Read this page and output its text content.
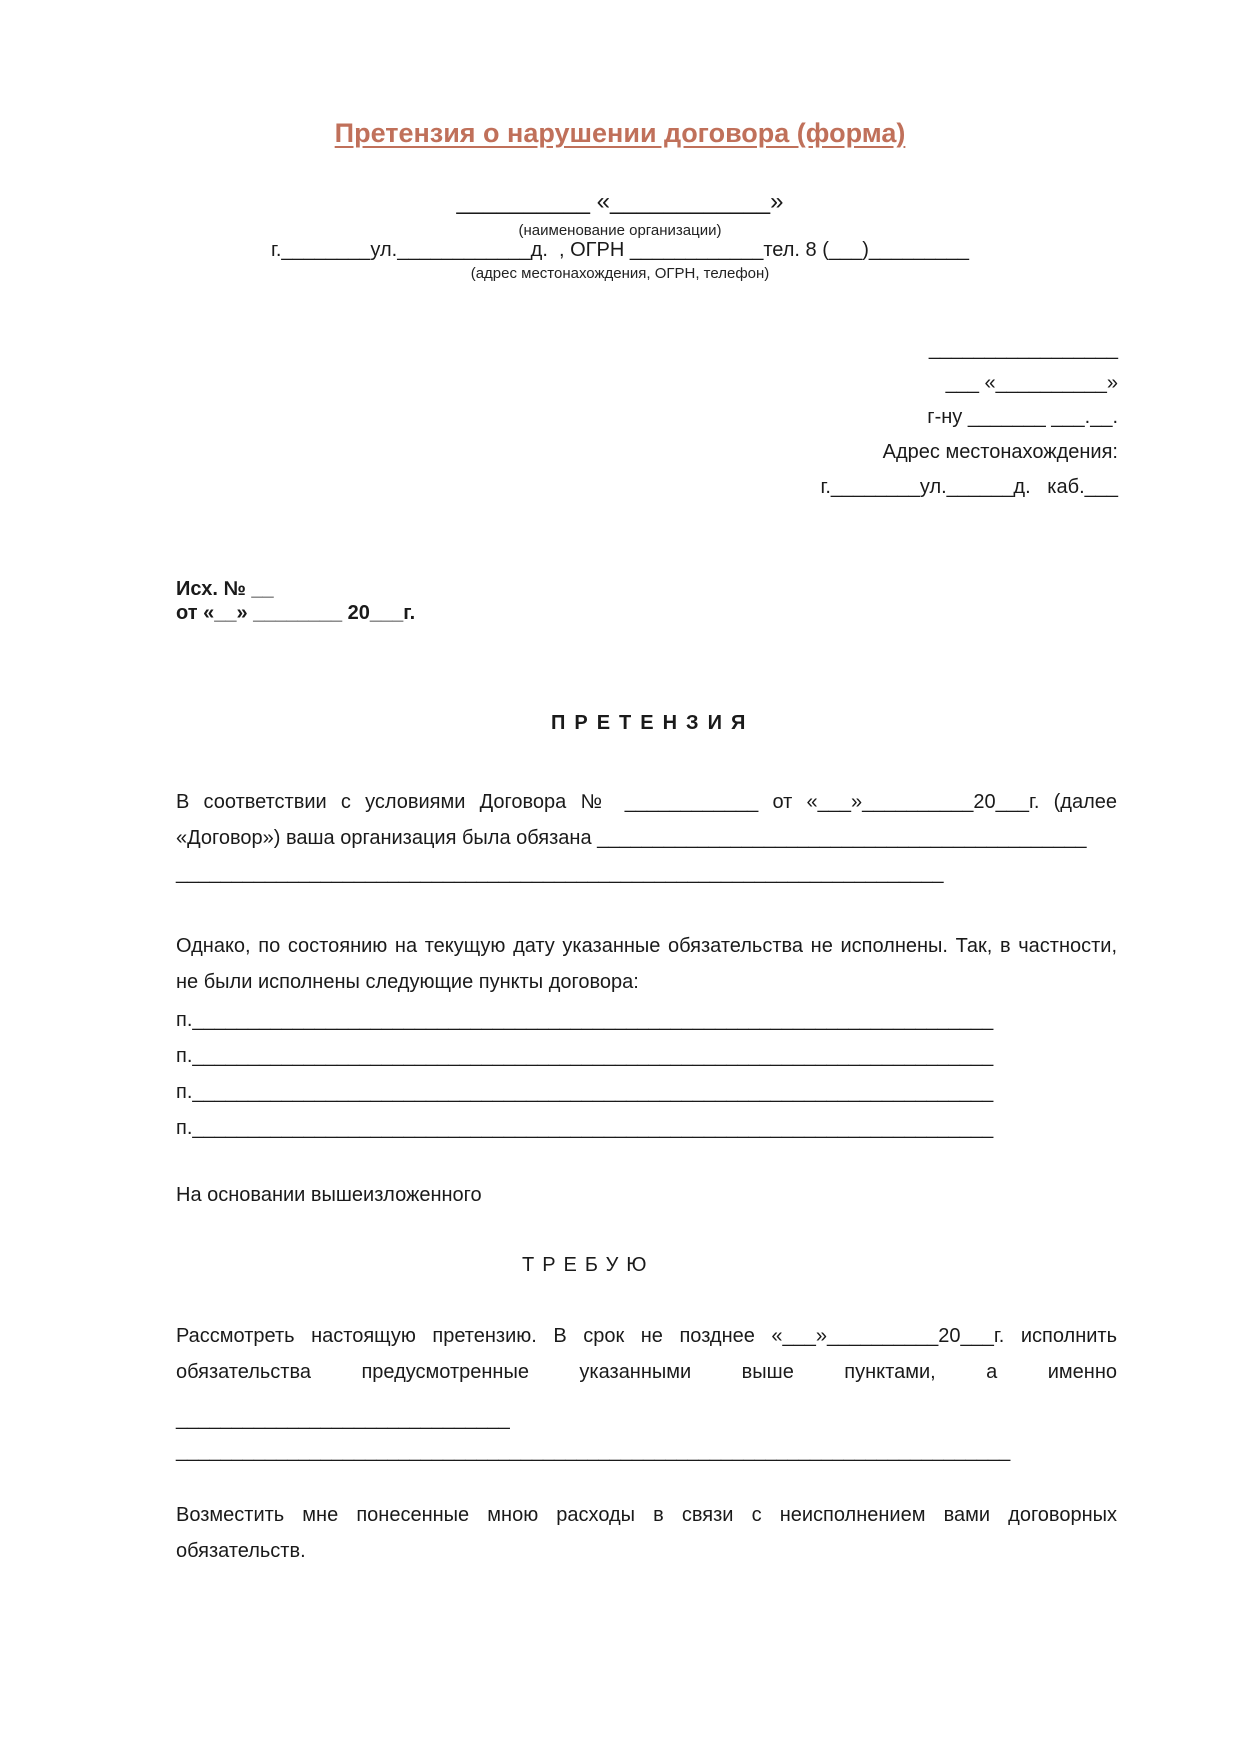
Претензия о нарушении договора (форма)
__________ «____________»
(наименование организации)
г.________ул.____________д.  , ОГРН ____________тел. 8 (___)_________
(адрес местонахождения, ОГРН, телефон)
_________________
___ «__________»
г-ну _______ ___.__.
Адрес местонахождения:
г.________ул.______д.   каб.___
Исх. № __
от «__» ________ 20___г.
ПРЕТЕНЗИЯ
В соответствии с условиями Договора № ____________ от «___»__________20___г. (далее «Договор») ваша организация была обязана ____________________________________________
_____________________________________________________________________
Однако, по состоянию на текущую дату указанные обязательства не исполнены. Так, в частности, не были исполнены следующие пункты договора:
п.________________________________________________________________________
п.________________________________________________________________________
п.________________________________________________________________________
п.________________________________________________________________________
На основании вышеизложенного
ТРЕБУЮ
Рассмотреть настоящую претензию. В срок не позднее «___»__________20___г. исполнить обязательства предусмотренные указанными выше пунктами, а именно
______________________________
___________________________________________________________________________
Возместить мне понесенные мною расходы в связи с неисполнением вами договорных обязательств.
